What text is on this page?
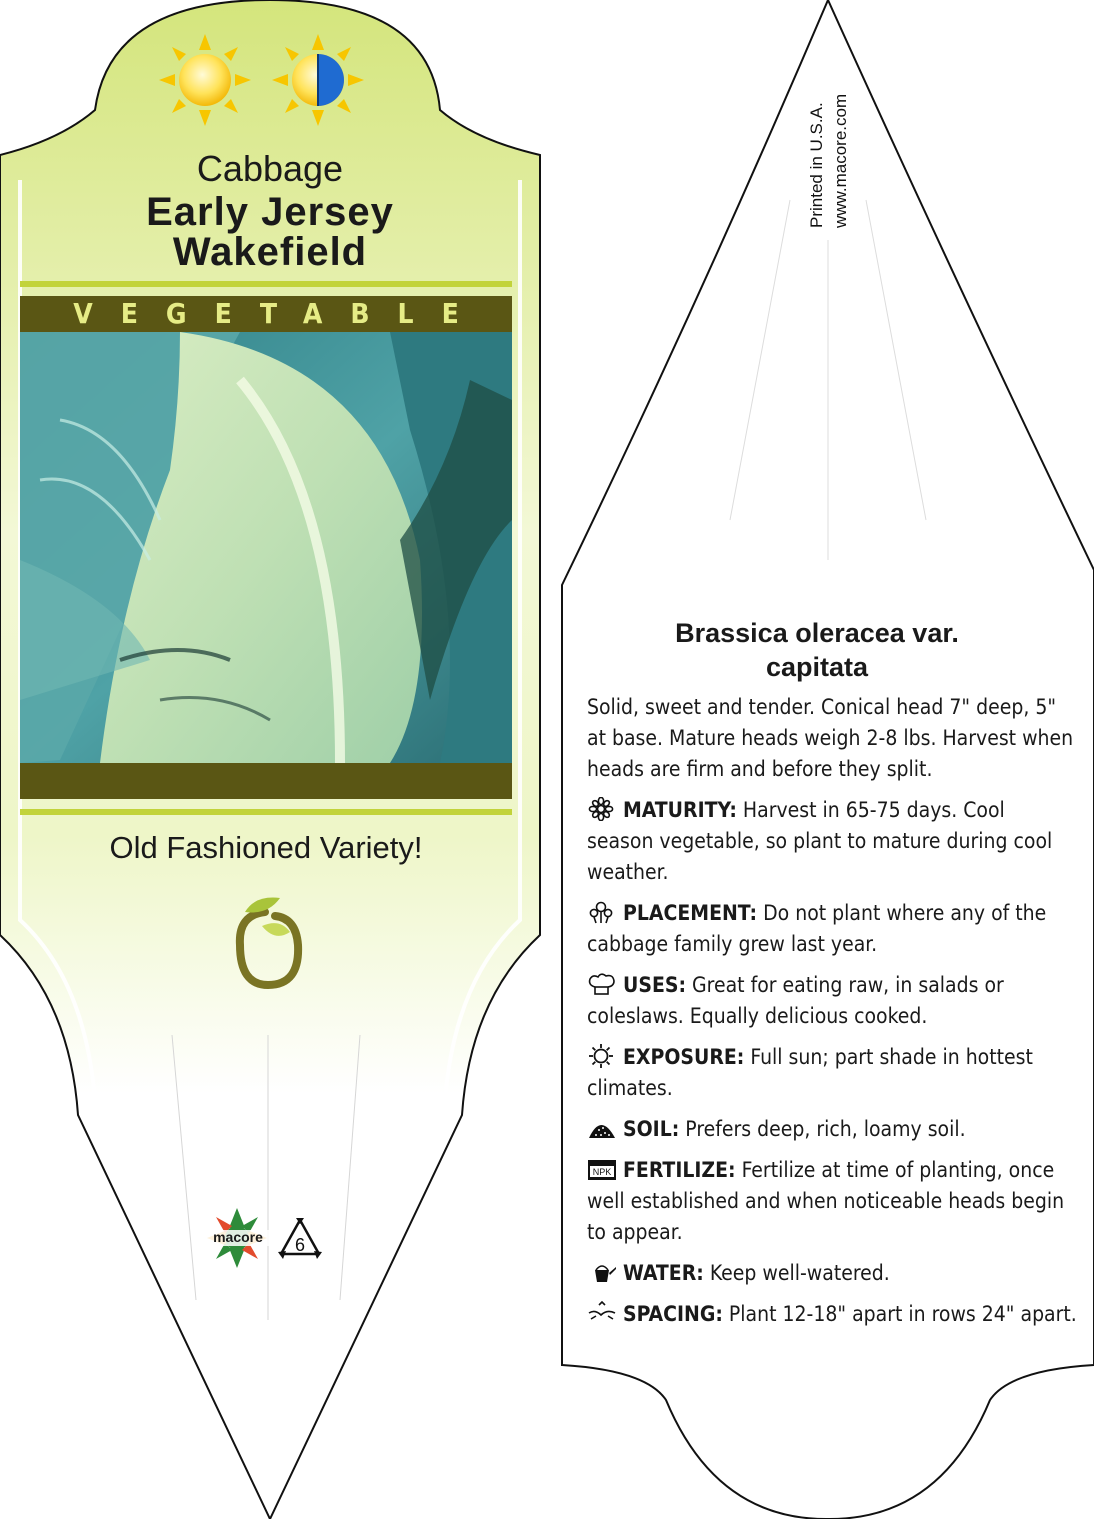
Cabbage
Early Jersey
Wakefield
VEGETABLE
Old Fashioned Variety!
macore	6
Printed in U.S.A. www.macore.com
Brassica oleracea var.
capitata
Solid, sweet and tender. Conical head 7" deep, 5" at base. Mature heads weigh 2-8 lbs. Harvest when heads are firm and before they split.
MATURITY: Harvest in 65-75 days. Cool season vegetable, so plant to mature during cool weather.
PLACEMENT: Do not plant where any of the cabbage family grew last year.
USES: Great for eating raw, in salads or coleslaws. Equally delicious cooked.
EXPOSURE: Full sun; part shade in hottest climates.
SOIL: Prefers deep, rich, loamy soil.
NPK FERTILIZE: Fertilize at time of planting, once well established and when noticeable heads begin to appear.
WATER: Keep well-watered.
SPACING: Plant 12-18" apart in rows 24" apart.
